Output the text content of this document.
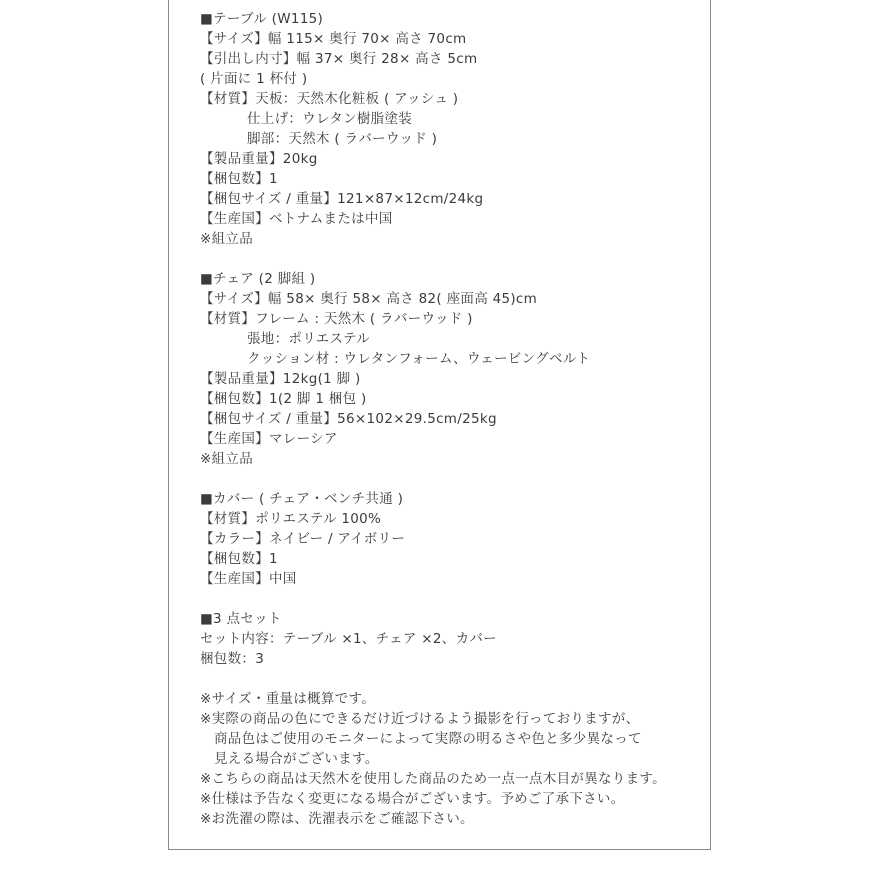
■テーブル (W115)
【サイズ】幅 115× 奥行 70× 高さ 70cm
【引出し内寸】幅 37× 奥行 28× 高さ 5cm
( 片面に 1 杯付 )
【材質】天板：天然木化粧板 ( アッシュ )
仕上げ：ウレタン樹脂塗装
脚部：天然木 ( ラバーウッド )
【製品重量】20kg
【梱包数】1
【梱包サイズ / 重量】121×87×12cm/24kg
【生産国】ベトナムまたは中国
※組立品
■チェア (2 脚組 )
【サイズ】幅 58× 奥行 58× 高さ 82( 座面高 45)cm
【材質】フレーム : 天然木 ( ラバーウッド )
張地：ポリエステル
クッション材 : ウレタンフォーム、ウェービングベルト
【製品重量】12kg(1 脚 )
【梱包数】1(2 脚 1 梱包 )
【梱包サイズ / 重量】56×102×29.5cm/25kg
【生産国】マレーシア
※組立品
■カバー ( チェア・ベンチ共通 )
【材質】ポリエステル 100%
【カラー】ネイビー / アイボリー
【梱包数】1
【生産国】中国
■3 点セット
セット内容：テーブル ×1、チェア ×2、カバー
梱包数：3
※サイズ・重量は概算です。
※実際の商品の色にできるだけ近づけるよう撮影を行っておりますが、
商品色はご使用のモニターによって実際の明るさや色と多少異なって
見える場合がございます。
※こちらの商品は天然木を使用した商品のため一点一点木目が異なります。
※仕様は予告なく変更になる場合がございます。予めご了承下さい。
※お洗濯の際は、洗濯表示をご確認下さい。
